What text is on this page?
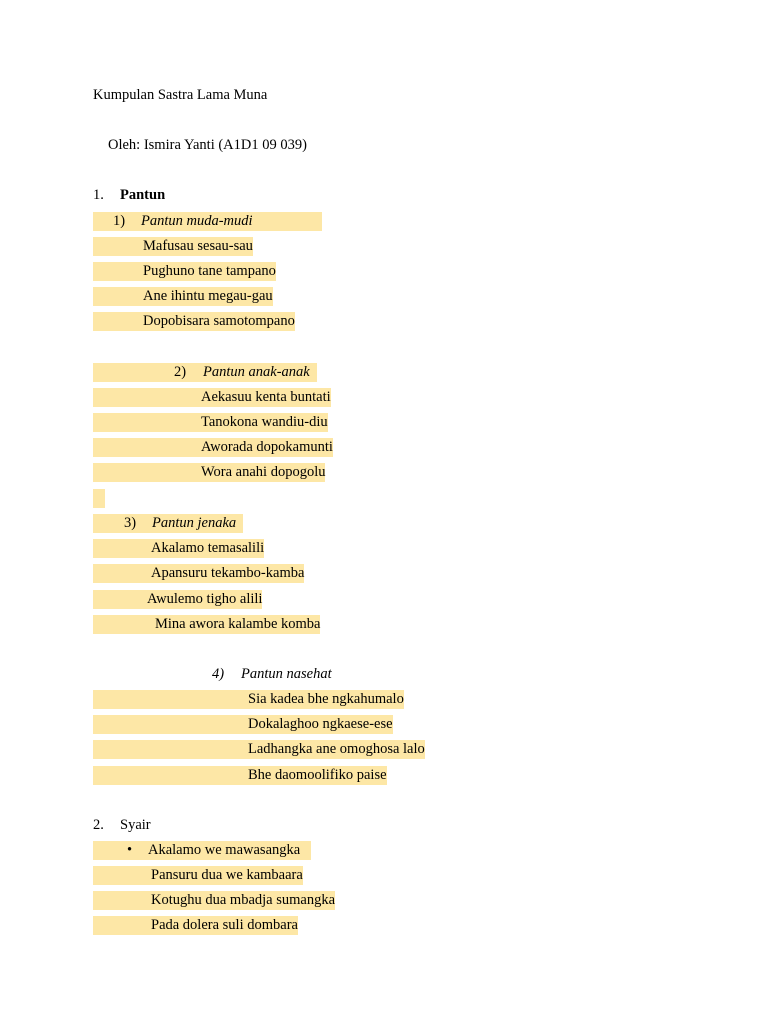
Kumpulan Sastra Lama Muna
Oleh: Ismira Yanti (A1D1 09 039)
1. Pantun
1) Pantun muda-mudi
Mafusau sesau-sau
Pughuno tane tampano
Ane ihintu megau-gau
Dopobisara samotompano
2) Pantun anak-anak
Aekasuu kenta buntati
Tanokona wandiu-diu
Aworada dopokamunti
Wora anahi dopogolu
3) Pantun jenaka
Akalamo temasalili
Apansuru tekambo-kamba
Awulemo tigho alili
Mina awora kalambe komba
4) Pantun nasehat
Sia kadea bhe ngkahumalo
Dokalaghoo ngkaese-ese
Ladhangka ane omoghosa lalo
Bhe daomoolifiko paise
2. Syair
• Akalamo we mawasangka
Pansuru dua we kambaara
Kotughu dua mbadja sumangka
Pada dolera suli dombara
